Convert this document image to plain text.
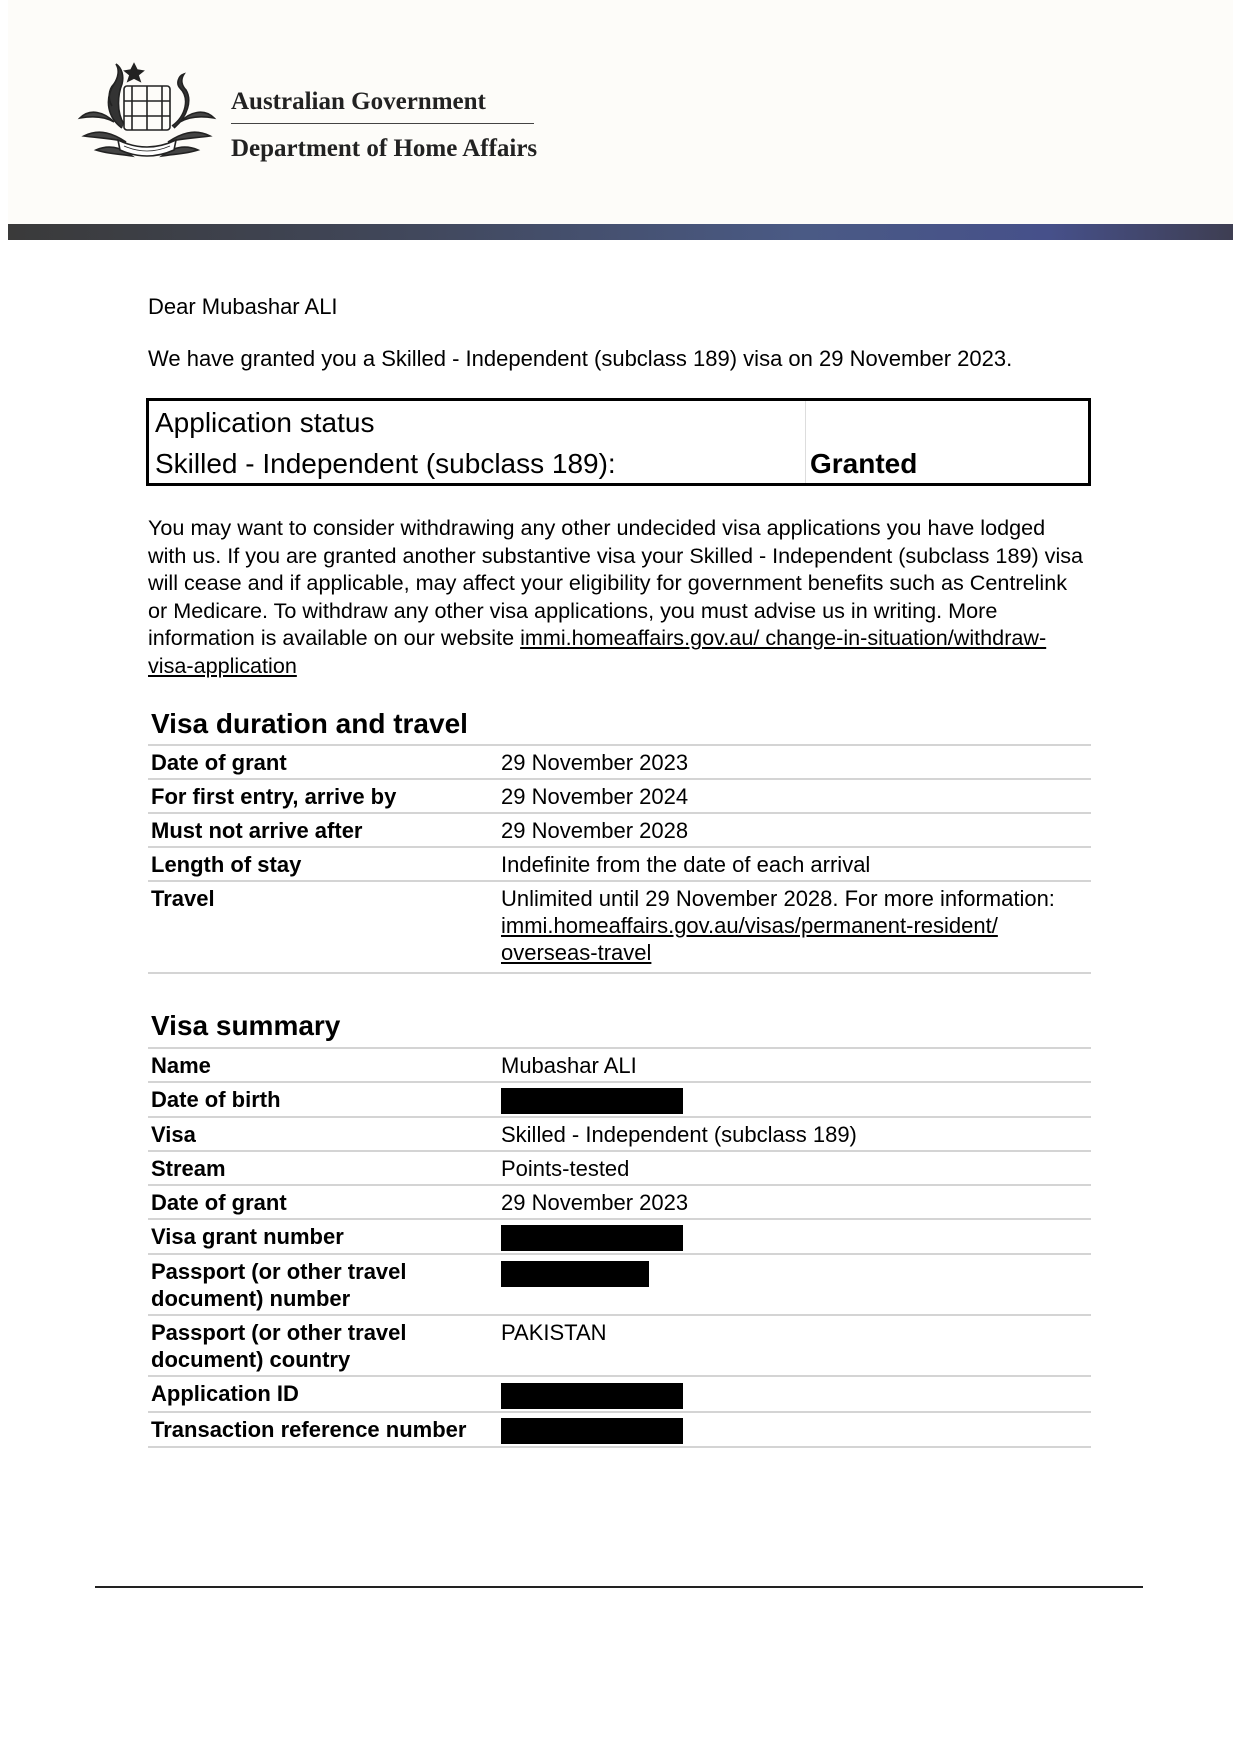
Australian Government
Department of Home Affairs
Dear Mubashar ALI
We have granted you a Skilled - Independent (subclass 189) visa on 29 November 2023.
Application status
Skilled - Independent (subclass 189):	Granted
You may want to consider withdrawing any other undecided visa applications you have lodged with us. If you are granted another substantive visa your Skilled - Independent (subclass 189) visa will cease and if applicable, may affect your eligibility for government benefits such as Centrelink or Medicare. To withdraw any other visa applications, you must advise us in writing. More information is available on our website immi.homeaffairs.gov.au/ change-in-situation/withdraw-visa-application
Visa duration and travel
Date of grant	29 November 2023
For first entry, arrive by	29 November 2024
Must not arrive after	29 November 2028
Length of stay	Indefinite from the date of each arrival
Travel	Unlimited until 29 November 2028. For more information:
immi.homeaffairs.gov.au/visas/permanent-resident/ overseas-travel
Visa summary
Name	Mubashar ALI
Date of birth	
Visa	Skilled - Independent (subclass 189)
Stream	Points-tested
Date of grant	29 November 2023
Visa grant number	
Passport (or other travel document) number	
Passport (or other travel document) country	PAKISTAN
Application ID	
Transaction reference number	
